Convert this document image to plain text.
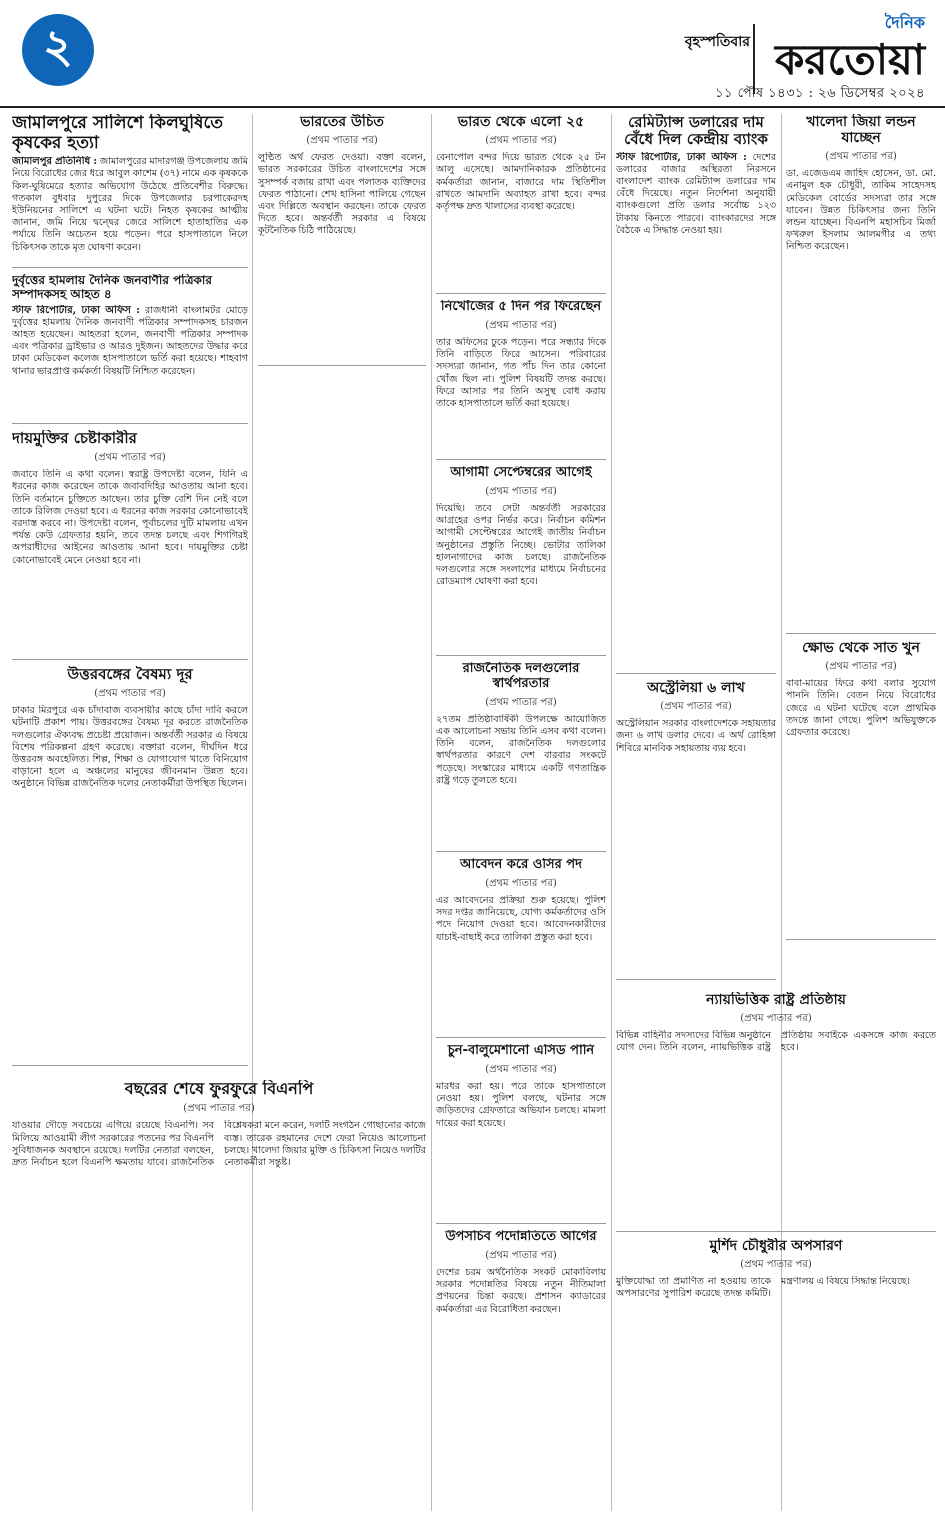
২	বৃহস্পতিবার
দৈনিক
করতোয়া
১১ পৌষ ১৪৩১ : ২৬ ডিসেম্বর ২০২৪
জামালপুরে সালিশে কিলঘুষিতে কৃষকের হত্যা
জামালপুর প্রতিনিধি : জামালপুরের মাদারগঞ্জ উপজেলায় জমি নিয়ে বিরোধের জের ধরে আবুল কাশেম (৩৭) নামে এক কৃষককে কিল-ঘুষিমেরে হত্যার অভিযোগ উঠেছে প্রতিবেশীর বিরুদ্ধে। গতকাল বুধবার দুপুরের দিকে উপজেলার চরপাকেরদহ ইউনিয়নের সালিশে এ ঘটনা ঘটে। নিহত কৃষকের আত্মীয় জানান, জমি নিয়ে দ্বন্দ্বের জেরে সালিশে হাতাহাতির এক পর্যায়ে তিনি অচেতন হয়ে পড়েন। পরে হাসপাতালে নিলে চিকিৎসক তাকে মৃত ঘোষণা করেন।
দুর্বৃত্তের হামলায় দৈনিক জনবাণীর পত্রিকার সম্পাদকসহ আহত ৪
স্টাফ রিপোর্টার, ঢাকা অফিস : রাজধানী বাংলামটর মোড়ে দুর্বৃত্তের হামলায় দৈনিক জনবাণী পত্রিকার সম্পাদকসহ চারজন আহত হয়েছেন। আহতরা হলেন, জনবাণী পত্রিকার সম্পাদক এবং পত্রিকার ড্রাইভার ও আরও দুইজন। আহতদের উদ্ধার করে ঢাকা মেডিকেল কলেজ হাসপাতালে ভর্তি করা হয়েছে। শাহবাগ থানার ভারপ্রাপ্ত কর্মকর্তা বিষয়টি নিশ্চিত করেছেন।
দায়মুক্তির চেষ্টাকারীর
(প্রথম পাতার পর)
জবাবে তিনি এ কথা বলেন। স্বরাষ্ট্র উপদেষ্টা বলেন, যিনি এ ধরনের কাজ করেছেন তাকে জবাবদিহির আওতায় আনা হবে। তিনি বর্তমানে চুক্তিতে আছেন। তার চুক্তি বেশি দিন নেই বলে তাকে রিলিজ দেওয়া হবে। এ ধরনের কাজ সরকার কোনোভাবেই বরদাস্ত করবে না। উপদেষ্টা বলেন, পূর্বাচলের দুটি মামলায় এখন পর্যন্ত কেউ গ্রেফতার হয়নি, তবে তদন্ত চলছে এবং শিগগিরই অপরাধীদের আইনের আওতায় আনা হবে। দায়মুক্তির চেষ্টা কোনোভাবেই মেনে নেওয়া হবে না।
উত্তরবঙ্গের বৈষম্য দূর
(প্রথম পাতার পর)
ঢাকার মিরপুরে এক চাঁদাবাজ ব্যবসায়ীর কাছে চাঁদা দাবি করলে ঘটনাটি প্রকাশ পায়। উত্তরবঙ্গের বৈষম্য দূর করতে রাজনৈতিক দলগুলোর ঐক্যবদ্ধ প্রচেষ্টা প্রয়োজন। অন্তর্বর্তী সরকার এ বিষয়ে বিশেষ পরিকল্পনা গ্রহণ করেছে। বক্তারা বলেন, দীর্ঘদিন ধরে উত্তরবঙ্গ অবহেলিত। শিল্প, শিক্ষা ও যোগাযোগ খাতে বিনিয়োগ বাড়ানো হলে এ অঞ্চলের মানুষের জীবনমান উন্নত হবে। অনুষ্ঠানে বিভিন্ন রাজনৈতিক দলের নেতাকর্মীরা উপস্থিত ছিলেন।
ভারতের উচিত
(প্রথম পাতার পর)
লুণ্ঠিত অর্থ ফেরত দেওয়া। বক্তা বলেন, ভারত সরকারের উচিত বাংলাদেশের সঙ্গে সুসম্পর্ক বজায় রাখা এবং পলাতক ব্যক্তিদের ফেরত পাঠানো। শেখ হাসিনা পালিয়ে গেছেন এবং দিল্লিতে অবস্থান করছেন। তাকে ফেরত দিতে হবে। অন্তর্বর্তী সরকার এ বিষয়ে কূটনৈতিক চিঠি পাঠিয়েছে।
বছরের শেষে ফুরফুরে বিএনপি
(প্রথম পাতার পর)
যাওয়ার দৌড়ে সবচেয়ে এগিয়ে রয়েছে বিএনপি। সব মিলিয়ে আওয়ামী লীগ সরকারের পতনের পর বিএনপি সুবিধাজনক অবস্থানে রয়েছে। দলটির নেতারা বলছেন, দ্রুত নির্বাচন হলে বিএনপি ক্ষমতায় যাবে। রাজনৈতিক বিশ্লেষকরা মনে করেন, দলটি সংগঠন গোছানোর কাজে ব্যস্ত। তারেক রহমানের দেশে ফেরা নিয়েও আলোচনা চলছে। খালেদা জিয়ার মুক্তি ও চিকিৎসা নিয়েও দলটির নেতাকর্মীরা সন্তুষ্ট।
ভারত থেকে এলো ২৫
(প্রথম পাতার পর)
বেনাপোল বন্দর দিয়ে ভারত থেকে ২৫ টন আলু এসেছে। আমদানিকারক প্রতিষ্ঠানের কর্মকর্তারা জানান, বাজারে দাম স্থিতিশীল রাখতে আমদানি অব্যাহত রাখা হবে। বন্দর কর্তৃপক্ষ দ্রুত খালাসের ব্যবস্থা করেছে।
নিখোঁজের ৫ দিন পর ফিরেছেন
(প্রথম পাতার পর)
তার অফিসের ঢুকে পড়েন। পরে সন্ধ্যার দিকে তিনি বাড়িতে ফিরে আসেন। পরিবারের সদস্যরা জানান, গত পাঁচ দিন তার কোনো খোঁজ ছিল না। পুলিশ বিষয়টি তদন্ত করছে। ফিরে আসার পর তিনি অসুস্থ বোধ করায় তাকে হাসপাতালে ভর্তি করা হয়েছে।
আগামী সেপ্টেম্বরের আগেই
(প্রথম পাতার পর)
দিয়েছি। তবে সেটা অন্তর্বর্তী সরকারের আগ্রহের ওপর নির্ভর করে। নির্বাচন কমিশন আগামী সেপ্টেম্বরের আগেই জাতীয় নির্বাচন অনুষ্ঠানের প্রস্তুতি নিচ্ছে। ভোটার তালিকা হালনাগাদের কাজ চলছে। রাজনৈতিক দলগুলোর সঙ্গে সংলাপের মাধ্যমে নির্বাচনের রোডম্যাপ ঘোষণা করা হবে।
রাজনৈতিক দলগুলোর স্বার্থপরতার
(প্রথম পাতার পর)
২৭তম প্রতিষ্ঠাবার্ষিকী উপলক্ষে আয়োজিত এক আলোচনা সভায় তিনি এসব কথা বলেন। তিনি বলেন, রাজনৈতিক দলগুলোর স্বার্থপরতার কারণে দেশ বারবার সংকটে পড়েছে। সংস্কারের মাধ্যমে একটি গণতান্ত্রিক রাষ্ট্র গড়ে তুলতে হবে।
আবেদন করে ওসির পদ
(প্রথম পাতার পর)
এর আবেদনের প্রক্রিয়া শুরু হয়েছে। পুলিশ সদর দপ্তর জানিয়েছে, যোগ্য কর্মকর্তাদের ওসি পদে নিয়োগ দেওয়া হবে। আবেদনকারীদের যাচাই-বাছাই করে তালিকা প্রস্তুত করা হবে।
চুন-বালুমেশানো এসিড পানি
(প্রথম পাতার পর)
মারধর করা হয়। পরে তাকে হাসপাতালে নেওয়া হয়। পুলিশ বলছে, ঘটনার সঙ্গে জড়িতদের গ্রেফতারে অভিযান চলছে। মামলা দায়ের করা হয়েছে।
উপসচিব পদোন্নতিতে আগের
(প্রথম পাতার পর)
দেশের চরম অর্থনৈতিক সংকট মোকাবিলায় সরকার পদোন্নতির বিষয়ে নতুন নীতিমালা প্রণয়নের চিন্তা করছে। প্রশাসন ক্যাডারের কর্মকর্তারা এর বিরোধিতা করছেন।
রেমিট্যান্স ডলারের দাম বেঁধে দিল কেন্দ্রীয় ব্যাংক
স্টাফ রিপোর্টার, ঢাকা অফিস : দেশের ডলারের বাজার অস্থিরতা নিরসনে বাংলাদেশ ব্যাংক রেমিট্যান্স ডলারের দাম বেঁধে দিয়েছে। নতুন নির্দেশনা অনুযায়ী ব্যাংকগুলো প্রতি ডলার সর্বোচ্চ ১২৩ টাকায় কিনতে পারবে। ব্যাংকারদের সঙ্গে বৈঠকে এ সিদ্ধান্ত নেওয়া হয়।
অস্ট্রেলিয়া ৬ লাখ
(প্রথম পাতার পর)
অস্ট্রেলিয়ান সরকার বাংলাদেশকে সহায়তার জন্য ৬ লাখ ডলার দেবে। এ অর্থ রোহিঙ্গা শিবিরে মানবিক সহায়তায় ব্যয় হবে।
খালেদা জিয়া লন্ডন যাচ্ছেন
(প্রথম পাতার পর)
ডা. এজেডএম জাহিদ হোসেন, ডা. মো. এনামুল হক চৌধুরী, তাকিম সাহেদসহ মেডিকেল বোর্ডের সদস্যরা তার সঙ্গে যাবেন। উন্নত চিকিৎসার জন্য তিনি লন্ডন যাচ্ছেন। বিএনপি মহাসচিব মির্জা ফখরুল ইসলাম আলমগীর এ তথ্য নিশ্চিত করেছেন।
ক্ষোভ থেকে সাত খুন
(প্রথম পাতার পর)
বাবা-মায়ের ফিরে কথা বলার সুযোগ পাননি তিনি। বেতন নিয়ে বিরোধের জেরে এ ঘটনা ঘটেছে বলে প্রাথমিক তদন্তে জানা গেছে। পুলিশ অভিযুক্তকে গ্রেফতার করেছে।
ন্যায়ভিত্তিক রাষ্ট্র প্রতিষ্ঠায়
(প্রথম পাতার পর)
বিভিন্ন বাহিনীর সদস্যদের বিভিন্ন অনুষ্ঠানে যোগ দেন। তিনি বলেন, ন্যায়ভিত্তিক রাষ্ট্র প্রতিষ্ঠায় সবাইকে একসঙ্গে কাজ করতে হবে।
মুর্শিদ চৌধুরীর অপসারণ
(প্রথম পাতার পর)
মুক্তিযোদ্ধা তা প্রমাণিত না হওয়ায় তাকে অপসারণের সুপারিশ করেছে তদন্ত কমিটি। মন্ত্রণালয় এ বিষয়ে সিদ্ধান্ত নিয়েছে।
